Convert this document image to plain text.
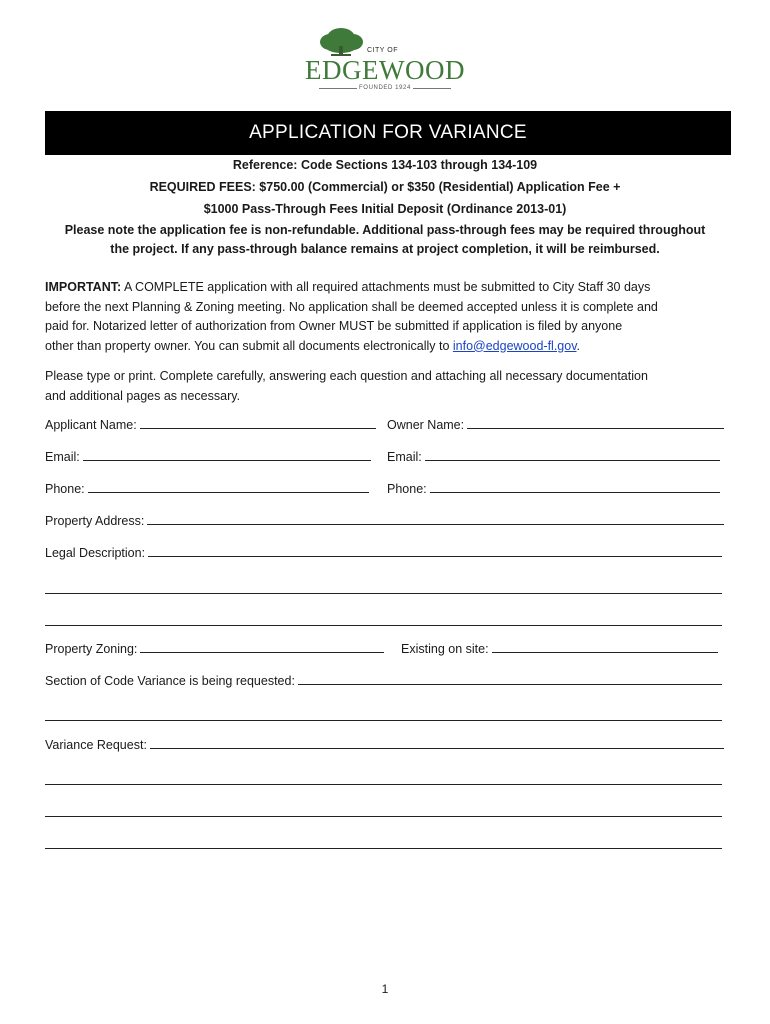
CITY OF
EDGEWOOD
FOUNDED 1924
APPLICATION FOR VARIANCE
Reference: Code Sections 134-103 through 134-109
REQUIRED FEES: $750.00 (Commercial) or $350 (Residential) Application Fee +
$1000 Pass-Through Fees Initial Deposit (Ordinance 2013-01)
Please note the application fee is non-refundable. Additional pass-through fees may be required throughout
the project. If any pass-through balance remains at project completion, it will be reimbursed.
IMPORTANT: A COMPLETE application with all required attachments must be submitted to City Staff 30 days
before the next Planning & Zoning meeting. No application shall be deemed accepted unless it is complete and
paid for. Notarized letter of authorization from Owner MUST be submitted if application is filed by anyone
other than property owner. You can submit all documents electronically to info@edgewood-fl.gov.
Please type or print. Complete carefully, answering each question and attaching all necessary documentation
and additional pages as necessary.
Applicant Name:	Owner Name:
Email:	Email:
Phone:	Phone:
Property Address:
Legal Description:
Property Zoning:	Existing on site:
Section of Code Variance is being requested:
Variance Request:
1
